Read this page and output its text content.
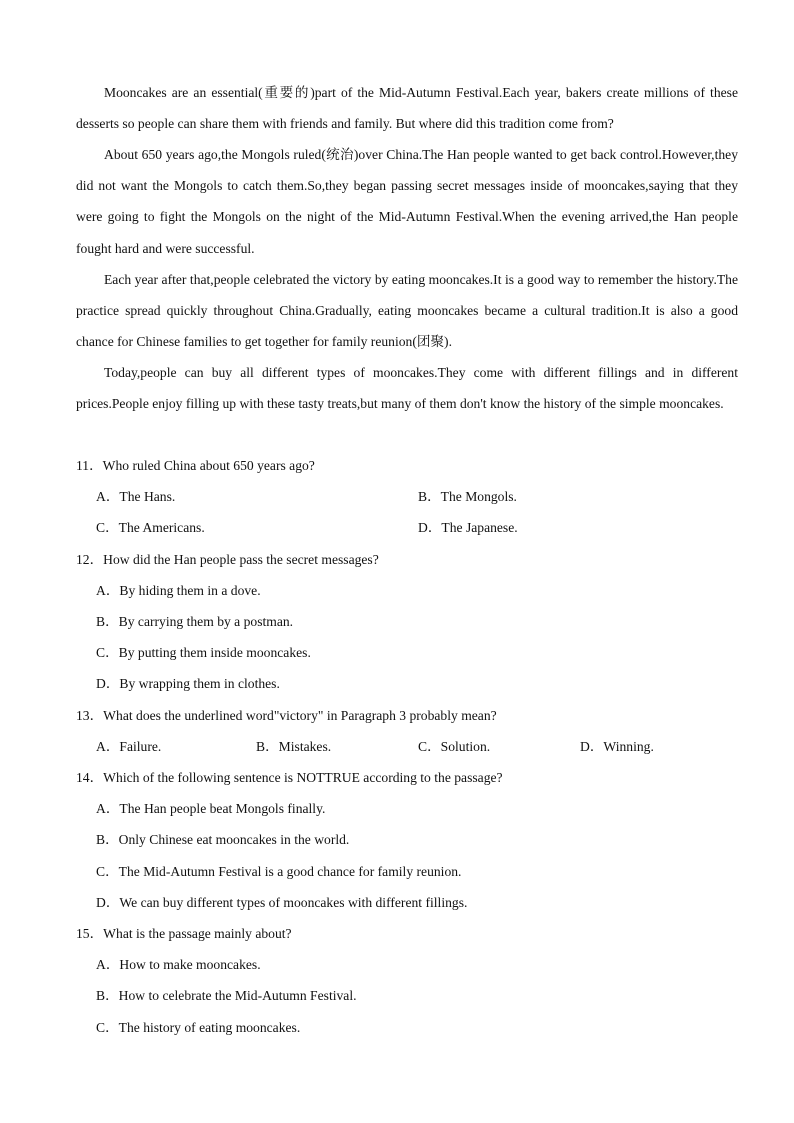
Mooncakes are an essential(重要的)part of the Mid-Autumn Festival.Each year, bakers create millions of these desserts so people can share them with friends and family. But where did this tradition come from?

About 650 years ago,the Mongols ruled(统治)over China.The Han people wanted to get back control.However,they did not want the Mongols to catch them.So,they began passing secret messages inside of mooncakes,saying that they were going to fight the Mongols on the night of the Mid-Autumn Festival.When the evening arrived,the Han people fought hard and were successful.

Each year after that,people celebrated the victory by eating mooncakes.It is a good way to remember the history.The practice spread quickly throughout China.Gradually, eating mooncakes became a cultural tradition.It is also a good chance for Chinese families to get together for family reunion(团聚).

Today,people can buy all different types of mooncakes.They come with different fillings and in different prices.People enjoy filling up with these tasty treats,but many of them don't know the history of the simple mooncakes.

11．Who ruled China about 650 years ago?

A．The Hans.	B．The Mongols.

C．The Americans.	D．The Japanese.

12．How did the Han people pass the secret messages?

A．By hiding them in a dove.

B．By carrying them by a postman.

C．By putting them inside mooncakes.

D．By wrapping them in clothes.

13．What does the underlined word"victory" in Paragraph 3 probably mean?

A．Failure.	B．Mistakes.	C．Solution.	D．Winning.

14．Which of the following sentence is NOTTRUE according to the passage?

A．The Han people beat Mongols finally.

B．Only Chinese eat mooncakes in the world.

C．The Mid-Autumn Festival is a good chance for family reunion.

D．We can buy different types of mooncakes with different fillings.

15．What is the passage mainly about?

A．How to make mooncakes.

B．How to celebrate the Mid-Autumn Festival.

C．The history of eating mooncakes.
